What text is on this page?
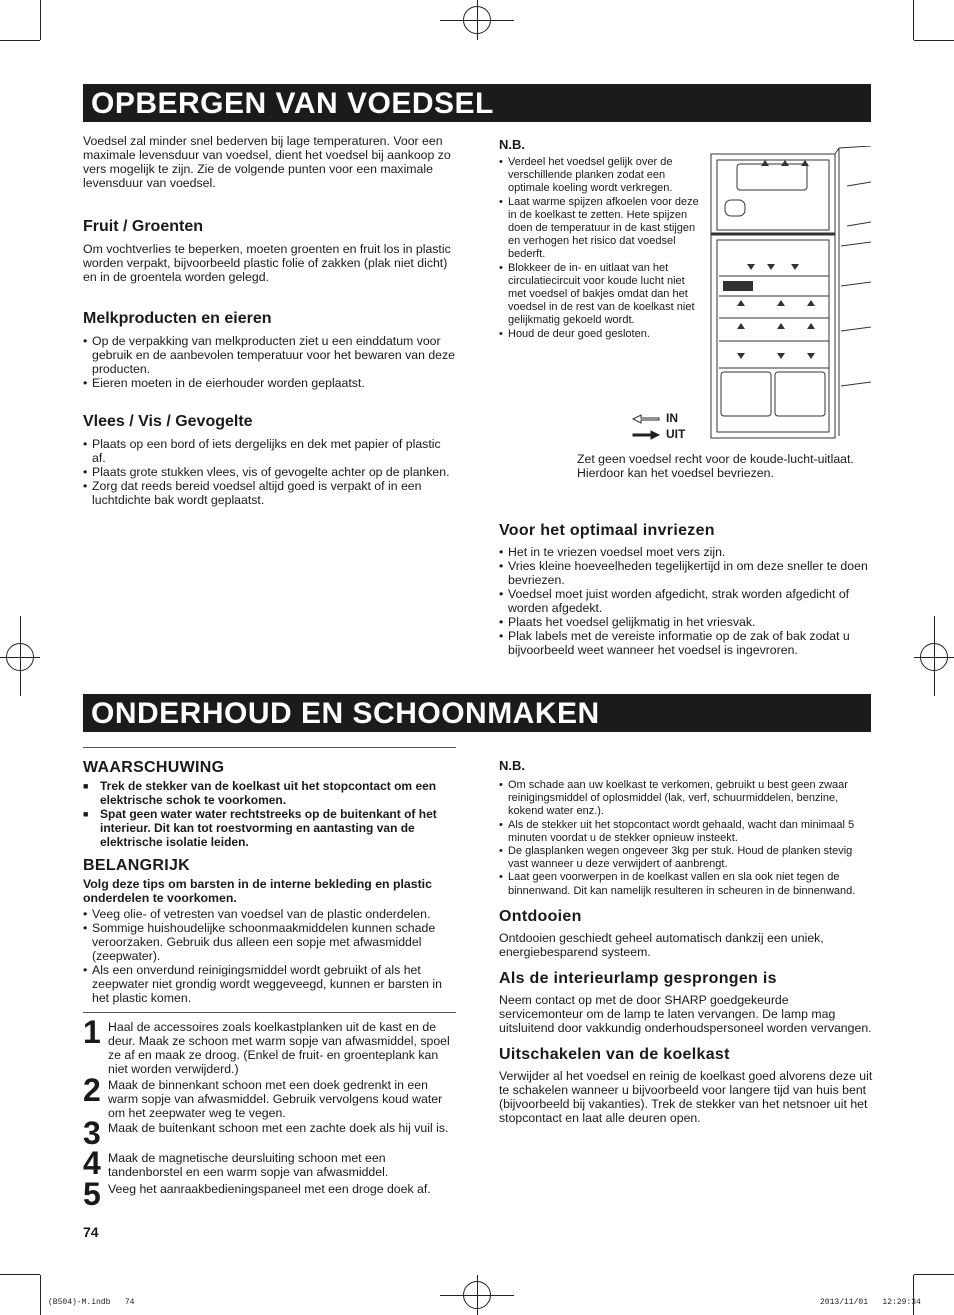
OPBERGEN VAN VOEDSEL

Voedsel zal minder snel bederven bij lage temperaturen. Voor een maximale levensduur van voedsel, dient het voedsel bij aankoop zo vers mogelijk te zijn. Zie de volgende punten voor een maximale levensduur van voedsel.

Fruit / Groenten

Om vochtverlies te beperken, moeten groenten en fruit los in plastic worden verpakt, bijvoorbeeld plastic folie of zakken (plak niet dicht) en in de groentela worden gelegd.

Melkproducten en eieren

• Op de verpakking van melkproducten ziet u een einddatum voor gebruik en de aanbevolen temperatuur voor het bewaren van deze producten.
• Eieren moeten in de eierhouder worden geplaatst.

Vlees / Vis / Gevogelte

• Plaats op een bord of iets dergelijks en dek met papier of plastic af.
• Plaats grote stukken vlees, vis of gevogelte achter op de planken.
• Zorg dat reeds bereid voedsel altijd goed is verpakt of in een luchtdichte bak wordt geplaatst.

N.B.

• Verdeel het voedsel gelijk over de verschillende planken zodat een optimale koeling wordt verkregen.
• Laat warme spijzen afkoelen voor deze in de koelkast te zetten. Hete spijzen doen de temperatuur in de kast stijgen en verhogen het risico dat voedsel bederft.
• Blokkeer de in- en uitlaat van het circulatiecircuit voor koude lucht niet met voedsel of bakjes omdat dan het voedsel in de rest van de koelkast niet gelijkmatig gekoeld wordt.
• Houd de deur goed gesloten.
IN
UIT

Zet geen voedsel recht voor de koude-lucht-uitlaat. Hierdoor kan het voedsel bevriezen.

Voor het optimaal invriezen

• Het in te vriezen voedsel moet vers zijn.
• Vries kleine hoeveelheden tegelijkertijd in om deze sneller te doen bevriezen.
• Voedsel moet juist worden afgedicht, strak worden afgedicht of worden afgedekt.
• Plaats het voedsel gelijkmatig in het vriesvak.
• Plak labels met de vereiste informatie op de zak of bak zodat u bijvoorbeeld weet wanneer het voedsel is ingevroren.
ONDERHOUD EN SCHOONMAKEN

WAARSCHUWING

■ Trek de stekker van de koelkast uit het stopcontact om een elektrische schok te voorkomen.
■ Spat geen water water rechtstreeks op de buitenkant of het interieur. Dit kan tot roestvorming en aantasting van de elektrische isolatie leiden.

BELANGRIJK

Volg deze tips om barsten in de interne bekleding en plastic onderdelen te voorkomen.

• Veeg olie- of vetresten van voedsel van de plastic onderdelen.
• Sommige huishoudelijke schoonmaakmiddelen kunnen schade veroorzaken. Gebruik dus alleen een sopje met afwasmiddel (zeepwater).
• Als een onverdund reinigingsmiddel wordt gebruikt of als het zeepwater niet grondig wordt weggeveegd, kunnen er barsten in het plastic komen.
1 Haal de accessoires zoals koelkastplanken uit de kast en de deur. Maak ze schoon met warm sopje van afwasmiddel, spoel ze af en maak ze droog. (Enkel de fruit- en groenteplank kan niet worden verwijderd.)
2 Maak de binnenkant schoon met een doek gedrenkt in een warm sopje van afwasmiddel. Gebruik vervolgens koud water om het zeepwater weg te vegen.
3 Maak de buitenkant schoon met een zachte doek als hij vuil is.
4 Maak de magnetische deursluiting schoon met een tandenborstel en een warm sopje van afwasmiddel.
5 Veeg het aanraakbedieningspaneel met een droge doek af.
74

N.B.

• Om schade aan uw koelkast te verkomen, gebruikt u best geen zwaar reinigingsmiddel of oplosmiddel (lak, verf, schuurmiddelen, benzine, kokend water enz.).
• Als de stekker uit het stopcontact wordt gehaald, wacht dan minimaal 5 minuten voordat u de stekker opnieuw insteekt.
• De glasplanken wegen ongeveer 3kg per stuk. Houd de planken stevig vast wanneer u deze verwijdert of aanbrengt.
• Laat geen voorwerpen in de koelkast vallen en sla ook niet tegen de binnenwand. Dit kan namelijk resulteren in scheuren in de binnenwand.

Ontdooien

Ontdooien geschiedt geheel automatisch dankzij een uniek, energiebesparend systeem.

Als de interieurlamp gesprongen is

Neem contact op met de door SHARP goedgekeurde servicemonteur om de lamp te laten vervangen. De lamp mag uitsluitend door vakkundig onderhoudspersoneel worden vervangen.

Uitschakelen van de koelkast

Verwijder al het voedsel en reinig de koelkast goed alvorens deze uit te schakelen wanneer u bijvoorbeeld voor langere tijd van huis bent (bijvoorbeeld bij vakanties). Trek de stekker van het netsnoer uit het stopcontact en laat alle deuren open.

(B504)-M.indb   74	2013/11/01   12:29:34
